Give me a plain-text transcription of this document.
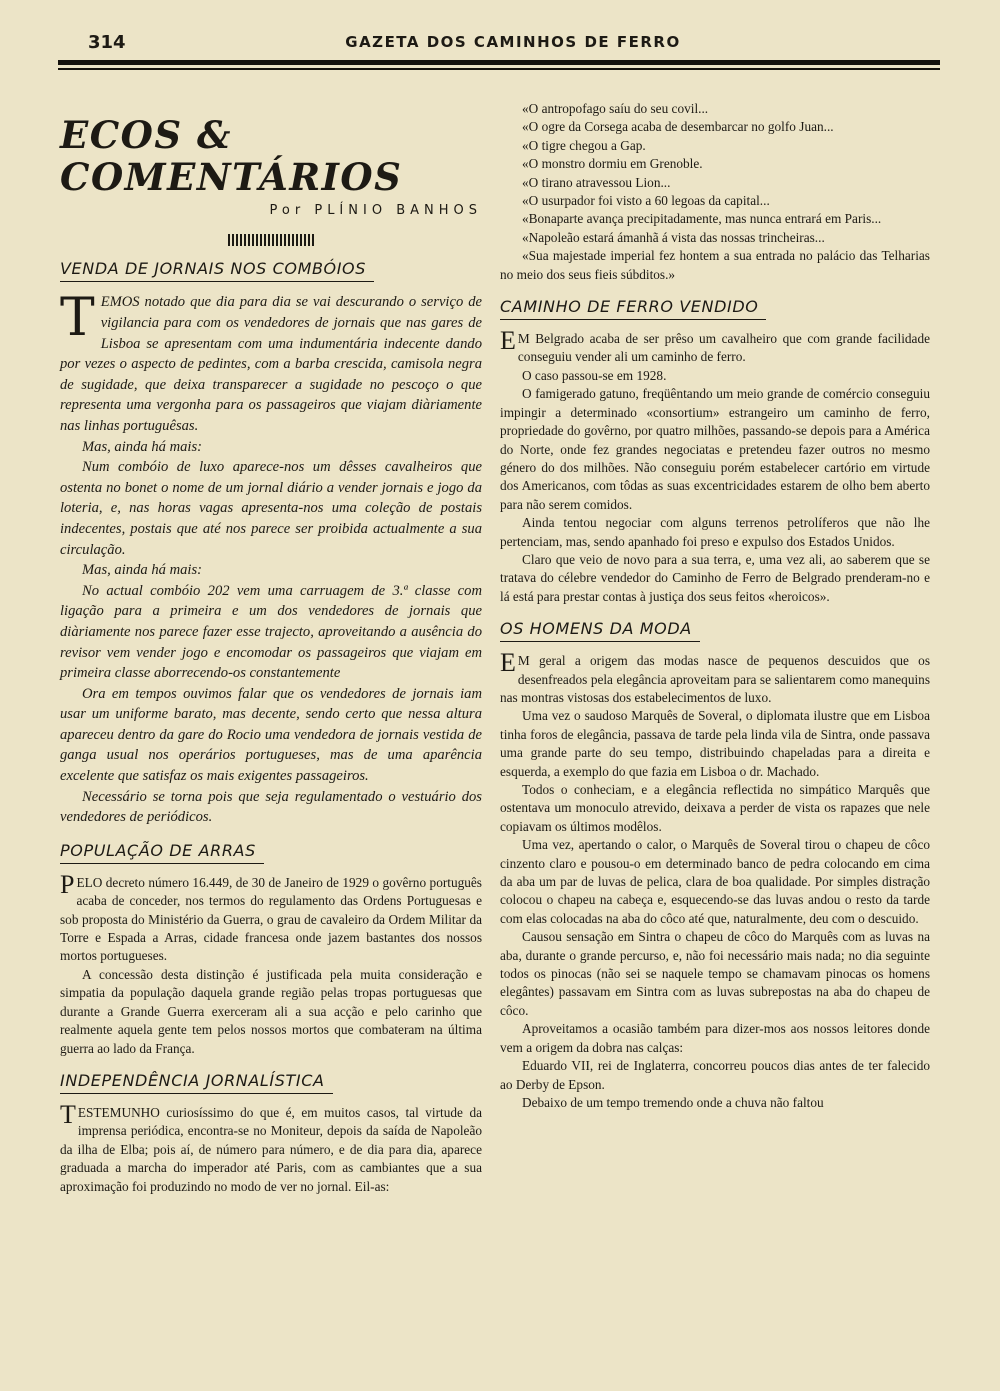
314	GAZETA DOS CAMINHOS DE FERRO
ECOS & COMENTÁRIOS
Por PLÍNIO BANHOS
VENDA DE JORNAIS NOS COMBÓIOS

TEMOS notado que dia para dia se vai descurando o serviço de vigilancia para com os vendedores de jornais que nas gares de Lisboa se apresentam com uma indumentária indecente dando por vezes o aspecto de pedintes, com a barba crescida, camisola negra de sugidade, que deixa transparecer a sugidade no pescoço o que representa uma vergonha para os passageiros que viajam diàriamente nas linhas portuguêsas.

Mas, ainda há mais:

Num combóio de luxo aparece-nos um dêsses cavalheiros que ostenta no bonet o nome de um jornal diário a vender jornais e jogo da loteria, e, nas horas vagas apresenta-nos uma coleção de postais indecentes, postais que até nos parece ser proibida actualmente a sua circulação.

Mas, ainda há mais:

No actual combóio 202 vem uma carruagem de 3.ª classe com ligação para a primeira e um dos vendedores de jornais que diàriamente nos parece fazer esse trajecto, aproveitando a ausência do revisor vem vender jogo e encomodar os passageiros que viajam em primeira classe aborrecendo-os constantemente

Ora em tempos ouvimos falar que os vendedores de jornais iam usar um uniforme barato, mas decente, sendo certo que nessa altura apareceu dentro da gare do Rocio uma vendedora de jornais vestida de ganga usual nos operários portugueses, mas de uma aparência excelente que satisfaz os mais exigentes passageiros.

Necessário se torna pois que seja regulamentado o vestuário dos vendedores de periódicos.

POPULAÇÃO DE ARRAS

PELO decreto número 16.449, de 30 de Janeiro de 1929 o govêrno português acaba de conceder, nos termos do regulamento das Ordens Portuguesas e sob proposta do Ministério da Guerra, o grau de cavaleiro da Ordem Militar da Torre e Espada a Arras, cidade francesa onde jazem bastantes dos nossos mortos portugueses.

A concessão desta distinção é justificada pela muita consideração e simpatia da população daquela grande região pelas tropas portuguesas que durante a Grande Guerra exerceram ali a sua acção e pelo carinho que realmente aquela gente tem pelos nossos mortos que combateram na última guerra ao lado da França.

INDEPENDÊNCIA JORNALÍSTICA

TESTEMUNHO curiosíssimo do que é, em muitos casos, tal virtude da imprensa periódica, encontra-se no Moniteur, depois da saída de Napoleão da ilha de Elba; pois aí, de número para número, e de dia para dia, aparece graduada a marcha do imperador até Paris, com as cambiantes que a sua aproximação foi produzindo no modo de ver no jornal. Eil-as:

«O antropofago saíu do seu covil...

«O ogre da Corsega acaba de desembarcar no golfo Juan...

«O tigre chegou a Gap.

«O monstro dormiu em Grenoble.

«O tirano atravessou Lion...

«O usurpador foi visto a 60 legoas da capital...

«Bonaparte avança precipitadamente, mas nunca entrará em Paris...

«Napoleão estará ámanhã á vista das nossas trincheiras...

«Sua majestade imperial fez hontem a sua entrada no palácio das Telharias no meio dos seus fieis súbditos.»

CAMINHO DE FERRO VENDIDO

E M Belgrado acaba de ser prêso um cavalheiro que com grande facilidade conseguiu vender ali um caminho de ferro.

O caso passou-se em 1928.

O famigerado gatuno, freqüêntando um meio grande de comércio conseguiu impingir a determinado «consortium» estrangeiro um caminho de ferro, propriedade do govêrno, por quatro milhões, passando-se depois para a América do Norte, onde fez grandes negociatas e pretendeu fazer outros no mesmo género do dos milhões. Não conseguiu porém estabelecer cartório em virtude dos Americanos, com tôdas as suas excentricidades estarem de olho bem aberto para não serem comidos.

Ainda tentou negociar com alguns terrenos petrolíferos que não lhe pertenciam, mas, sendo apanhado foi preso e expulso dos Estados Unidos.

Claro que veio de novo para a sua terra, e, uma vez ali, ao saberem que se tratava do célebre vendedor do Caminho de Ferro de Belgrado prenderam-no e lá está para prestar contas à justiça dos seus feitos «heroicos».

OS HOMENS DA MODA

E M geral a origem das modas nasce de pequenos descuidos que os desenfreados pela elegância aproveitam para se salientarem como manequins nas montras vistosas dos estabelecimentos de luxo.

Uma vez o saudoso Marquês de Soveral, o diplomata ilustre que em Lisboa tinha foros de elegância, passava de tarde pela linda vila de Sintra, onde passava uma grande parte do seu tempo, distribuindo chapeladas para a direita e esquerda, a exemplo do que fazia em Lisboa o dr. Machado.

Todos o conheciam, e a elegância reflectida no simpático Marquês que ostentava um monoculo atrevido, deixava a perder de vista os rapazes que nele copiavam os últimos modêlos.

Uma vez, apertando o calor, o Marquês de Soveral tirou o chapeu de côco cinzento claro e pousou-o em determinado banco de pedra colocando em cima da aba um par de luvas de pelica, clara de boa qualidade. Por simples distração colocou o chapeu na cabeça e, esquecendo-se das luvas andou o resto da tarde com elas colocadas na aba do côco até que, naturalmente, deu com o descuido.

Causou sensação em Sintra o chapeu de côco do Marquês com as luvas na aba, durante o grande percurso, e, não foi necessário mais nada; no dia seguinte todos os pinocas (não sei se naquele tempo se chamavam pinocas os homens elegântes) passavam em Sintra com as luvas subrepostas na aba do chapeu de côco.

Aproveitamos a ocasião também para dizer-mos aos nossos leitores donde vem a origem da dobra nas calças:

Eduardo VII, rei de Inglaterra, concorreu poucos dias antes de ter falecido ao Derby de Epson.

Debaixo de um tempo tremendo onde a chuva não faltou
